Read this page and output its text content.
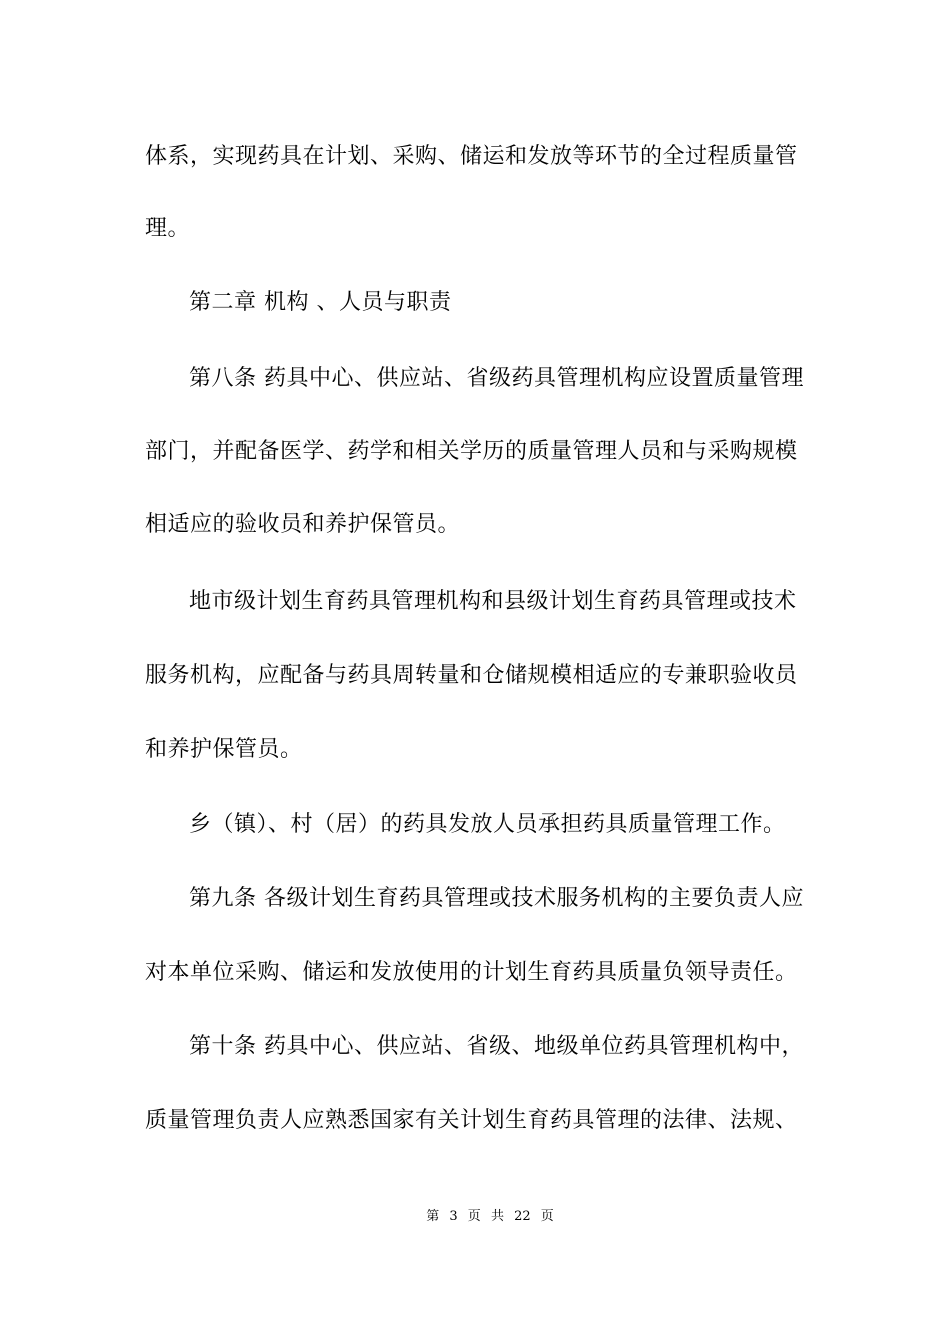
体系，实现药具在计划、采购、储运和发放等环节的全过程质量管
理。
第二章 机构 、人员与职责
第八条 药具中心、供应站、省级药具管理机构应设置质量管理
部门，并配备医学、药学和相关学历的质量管理人员和与采购规模
相适应的验收员和养护保管员。
地市级计划生育药具管理机构和县级计划生育药具管理或技术
服务机构，应配备与药具周转量和仓储规模相适应的专兼职验收员
和养护保管员。
乡（镇）、村（居）的药具发放人员承担药具质量管理工作。
第九条 各级计划生育药具管理或技术服务机构的主要负责人应
对本单位采购、储运和发放使用的计划生育药具质量负领导责任。
第十条 药具中心、供应站、省级、地级单位药具管理机构中，
质量管理负责人应熟悉国家有关计划生育药具管理的法律、法规、
第 3 页 共 22 页
